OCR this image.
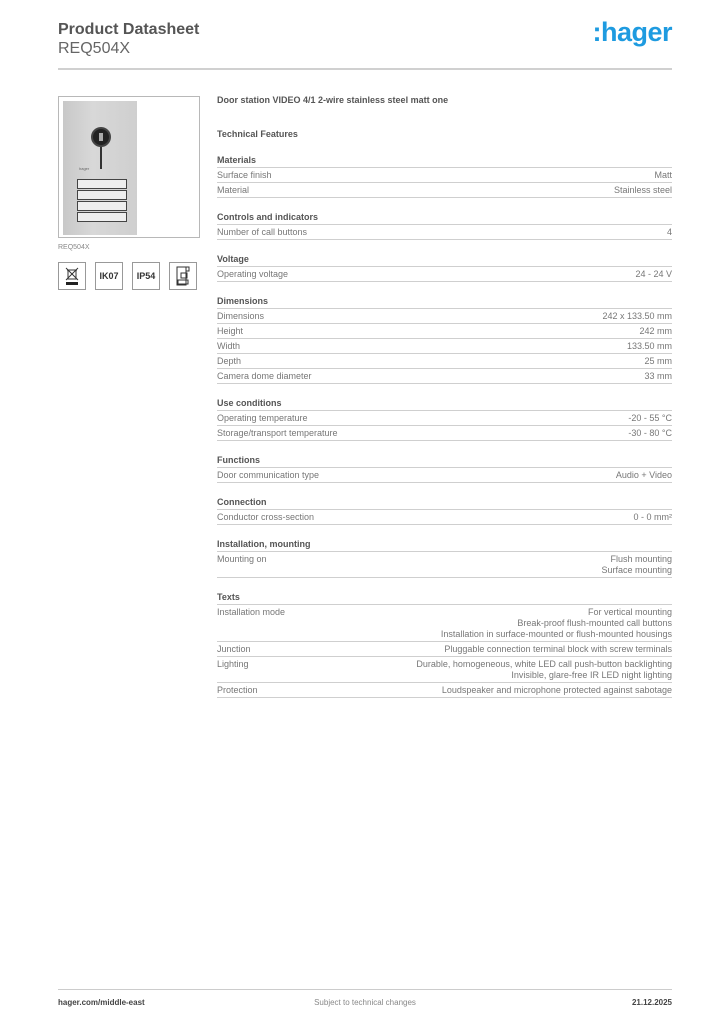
Product Datasheet
REQ504X
:hager
hager
REQ504X
IK07	IP54
Door station VIDEO 4/1 2-wire stainless steel matt one
Technical Features
Materials
Surface finish	Matt
Material	Stainless steel
Controls and indicators
Number of call buttons	4
Voltage
Operating voltage	24 - 24 V
Dimensions
Dimensions	242 x 133.50 mm
Height	242 mm
Width	133.50 mm
Depth	25 mm
Camera dome diameter	33 mm
Use conditions
Operating temperature	-20 - 55 °C
Storage/transport temperature	-30 - 80 °C
Functions
Door communication type	Audio + Video
Connection
Conductor cross-section	0 - 0 mm²
Installation, mounting
Mounting on	Flush mounting
Surface mounting
Texts
Installation mode	For vertical mounting
Break-proof flush-mounted call buttons
Installation in surface-mounted or flush-mounted housings
Junction	Pluggable connection terminal block with screw terminals
Lighting	Durable, homogeneous, white LED call push-button backlighting
Invisible, glare-free IR LED night lighting
Protection	Loudspeaker and microphone protected against sabotage
hager.com/middle-east	Subject to technical changes	21.12.2025
